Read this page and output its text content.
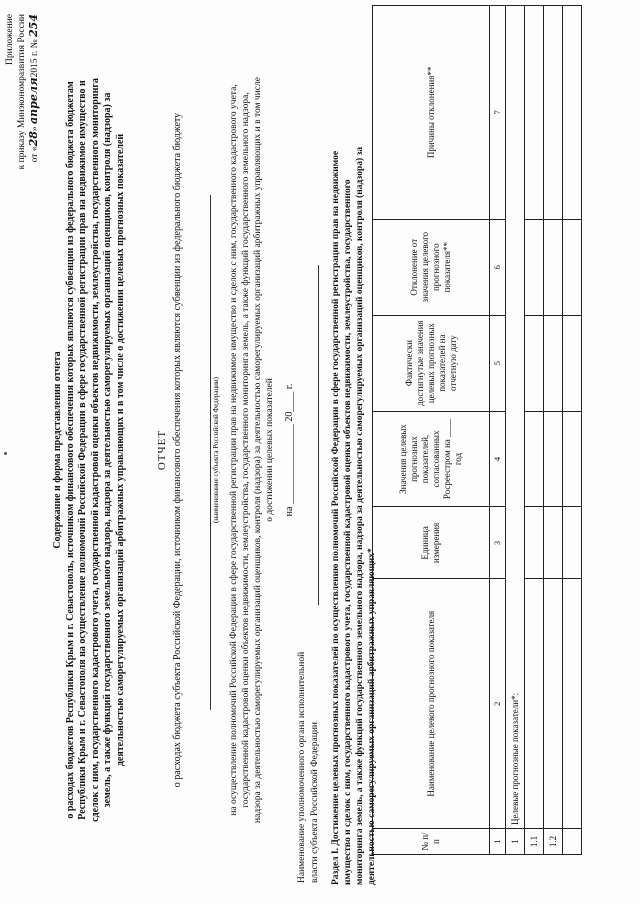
Приложение к приказу Минэкономразвития России от «28» апреля2015 г. № 254
Содержание и форма представления отчета о расходах бюджетов Республики Крым и г. Севастополь, источником финансового обеспечения которых являются субвенции из федерального бюджета бюджетам Республики Крым и г. Севастополя на осуществление полномочий Российской Федерации в сфере государственной регистрации прав на недвижимое имущество и сделок с ним, государственного кадастрового учета, государственной кадастровой оценки объектов недвижимости, землеустройства, государственного мониторинга земель, а также функций государственного земельного надзора, надзора за деятельностью саморегулируемых организаций оценщиков, контроля (надзора) за деятельностью саморегулируемых организаций арбитражных управляющих и в том числе о достижении целевых прогнозных показателей	ОТЧЕТ о расходах бюджета субъекта Российской Федерации, источником финансового обеспечения которых являются субвенции из федерального бюджета бюджету	(наименование субъекта Российской Федерации) на осуществление полномочий Российской Федерации в сфере государственной регистрации прав на недвижимое имущество и сделок с ним, государственного кадастрового учета, государственной кадастровой оценки объектов недвижимости, землеустройства, государственного мониторинга земель, а также функций государственного земельного надзора, надзора за деятельностью саморегулируемых организаций оценщиков, контроля (надзора) за деятельностью саморегулируемых организаций арбитражных управляющих и в том числе о достижении целевых показателей на ________________ 20____ г.
Наименование уполномоченного органа исполнительной власти субъекта Российской Федерации Раздел I. Достижение целевых прогнозных показателей по осуществлению полномочий Российской Федерации в сфере государственной регистрации прав на недвижимое имущество и сделок с ним, государственного кадастрового учета, государственной кадастровой оценки объектов недвижимости, землеустройства, государственного мониторинга земель, а также функций государственного земельного надзора, надзора за деятельностью саморегулируемых организаций оценщиков, контроля (надзора) за деятельностью саморегулируемых организаций арбитражных управляющих*	№ п/п	Наименование целевого прогнозного показателя	Единица измерения	Значения целевых прогнозных показателей, согласованных Росреестром на ____ год	Фактически достигнутые значения целевых прогнозных показателей на отчетную дату	Отклонение от значения целевого прогнозного показателя**	Причины отклонения**
1	2	3	4	5	6	7
1	Целевые прогнозные показатели*:					
1.1						
1.2						
